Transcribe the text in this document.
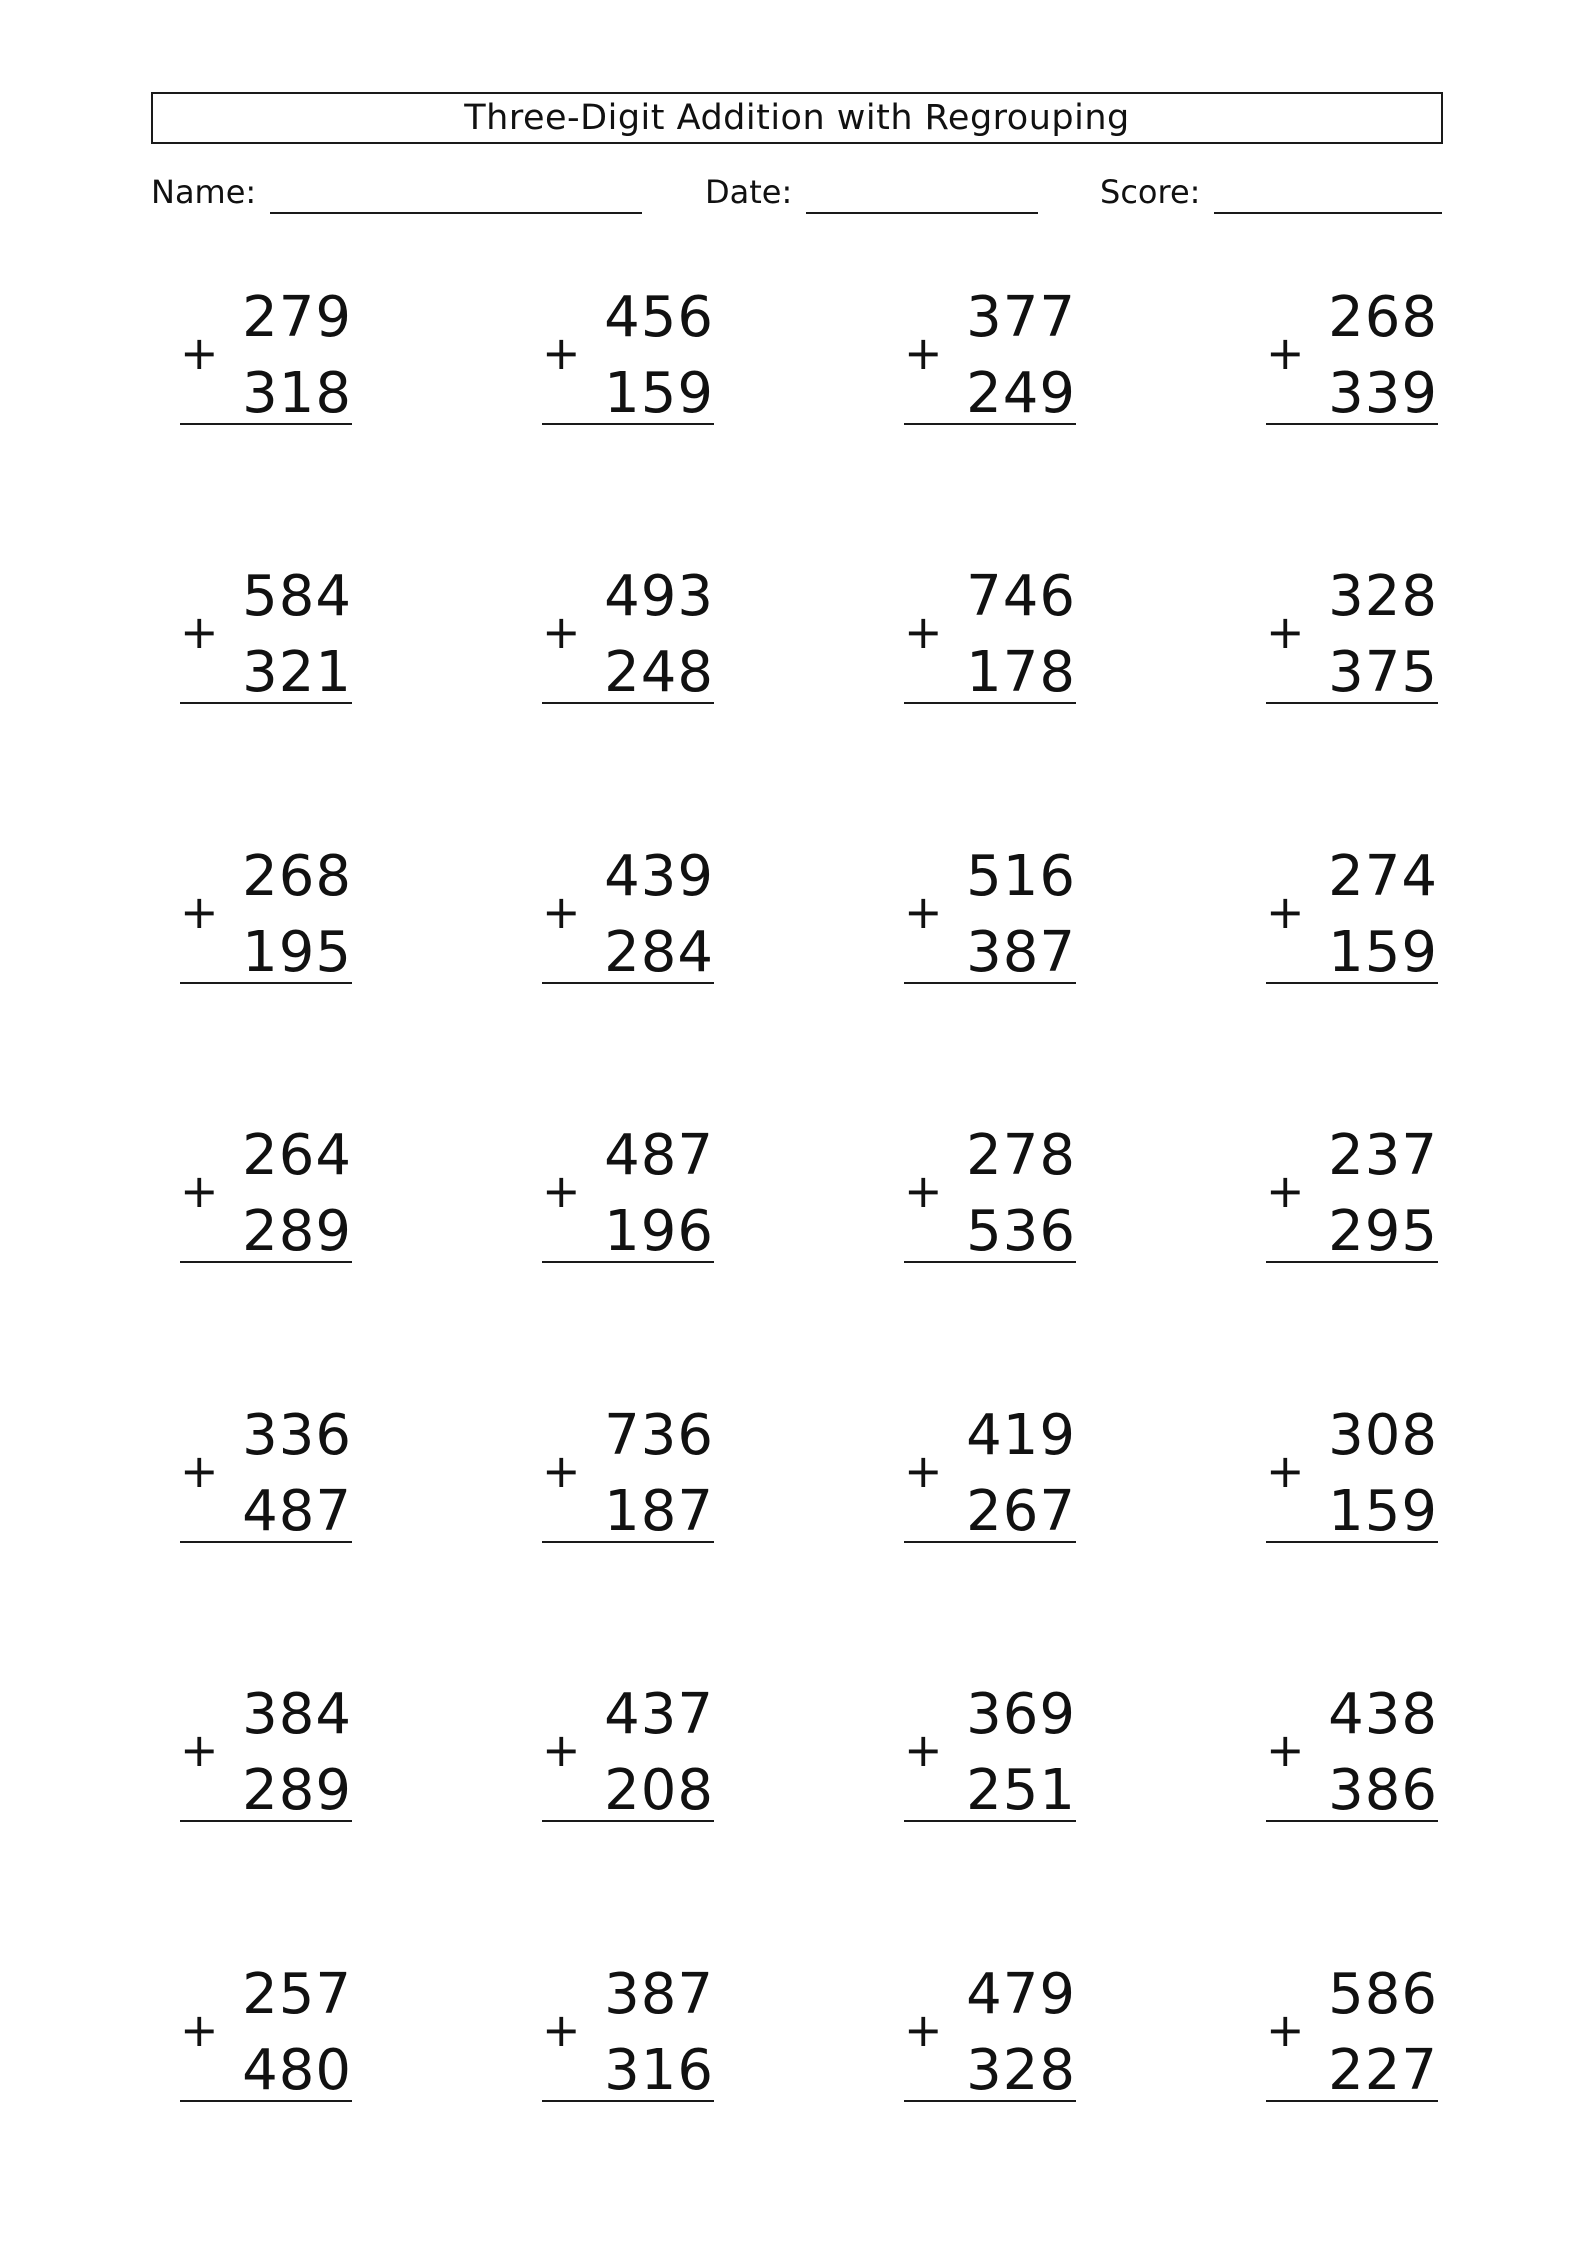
Three-Digit Addition with Regrouping
Name:	Date:	Score:
279
+
318
456
+
159
377
+
249
268
+
339
584
+
321
493
+
248
746
+
178
328
+
375
268
+
195
439
+
284
516
+
387
274
+
159
264
+
289
487
+
196
278
+
536
237
+
295
336
+
487
736
+
187
419
+
267
308
+
159
384
+
289
437
+
208
369
+
251
438
+
386
257
+
480
387
+
316
479
+
328
586
+
227
